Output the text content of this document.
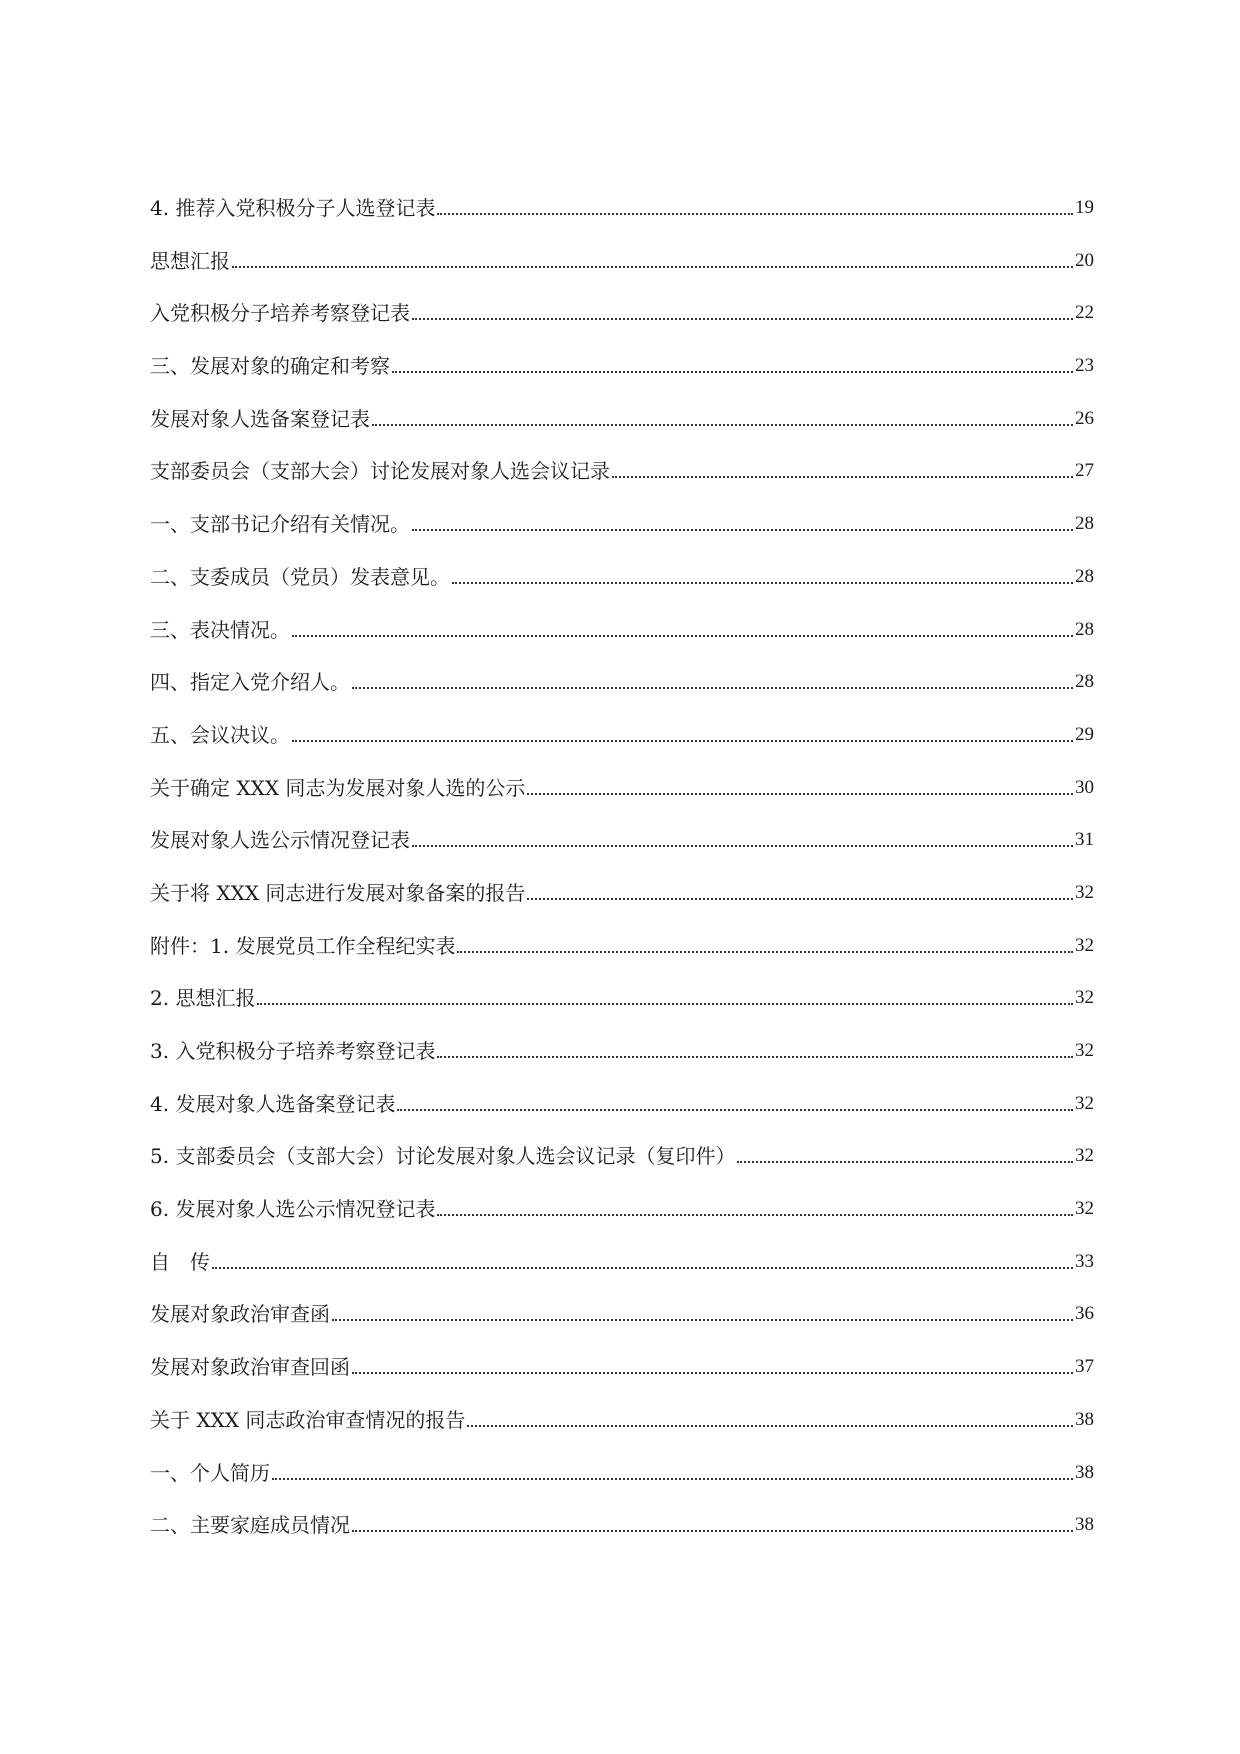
4. 推荐入党积极分子人选登记表	19
思想汇报	20
入党积极分子培养考察登记表	22
三、发展对象的确定和考察	23
发展对象人选备案登记表	26
支部委员会（支部大会）讨论发展对象人选会议记录	27
一、支部书记介绍有关情况。	28
二、支委成员（党员）发表意见。	28
三、表决情况。	28
四、指定入党介绍人。	28
五、会议决议。	29
关于确定 XXX 同志为发展对象人选的公示	30
发展对象人选公示情况登记表	31
关于将 XXX 同志进行发展对象备案的报告	32
附件：1. 发展党员工作全程纪实表	32
2. 思想汇报	32
3. 入党积极分子培养考察登记表	32
4. 发展对象人选备案登记表	32
5. 支部委员会（支部大会）讨论发展对象人选会议记录（复印件）	32
6. 发展对象人选公示情况登记表	32
自　传	33
发展对象政治审查函	36
发展对象政治审查回函	37
关于 XXX 同志政治审查情况的报告	38
一、个人简历	38
二、主要家庭成员情况	38
